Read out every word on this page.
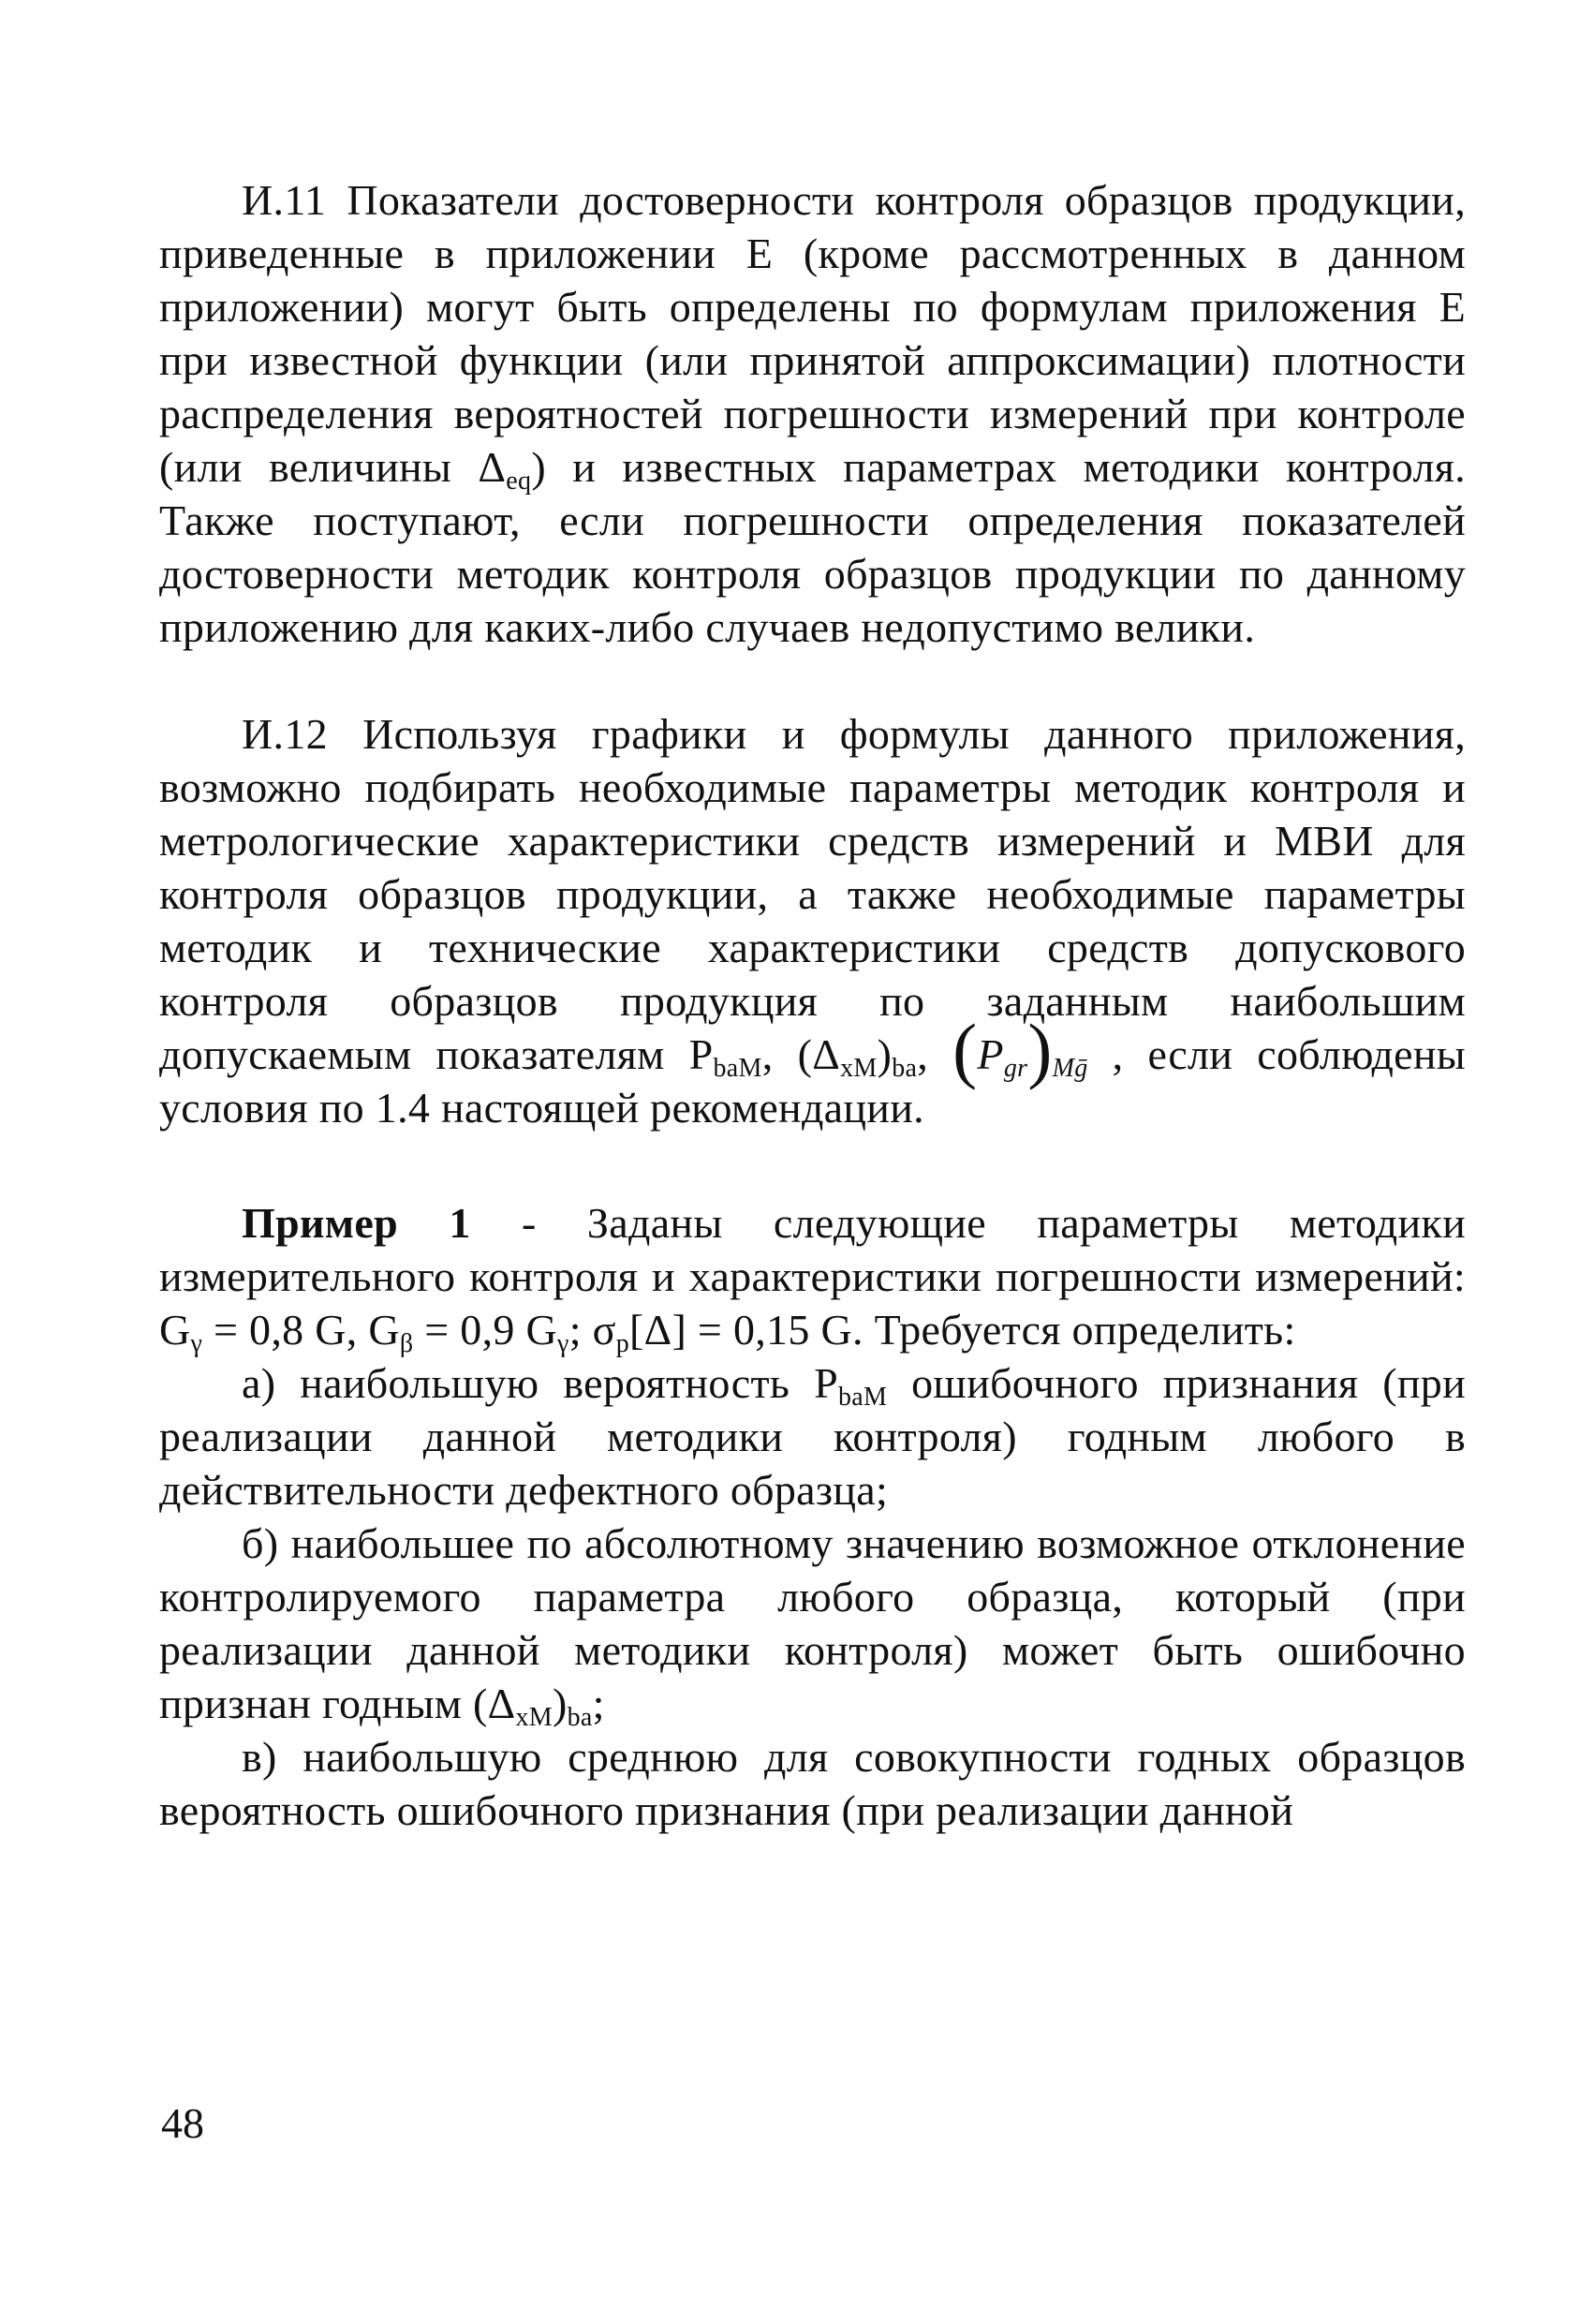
И.11 Показатели достоверности контроля образцов продукции, приведенные в приложении Е (кроме рассмотренных в данном приложении) могут быть определены по формулам приложения Е при известной функции (или принятой аппроксимации) плотности распределения вероятностей погрешности измерений при контроле (или величины $\Delta_{eq}$) и известных параметрах методики контроля. Также поступают, если погрешности определения показателей достоверности методик контроля образцов продукции по данному приложению для каких-либо случаев недопустимо велики.

И.12 Используя графики и формулы данного приложения, возможно подбирать необходимые параметры методик контроля и метрологические характеристики средств измерений и МВИ для контроля образцов продукции, а также необходимые параметры методик и технические характеристики средств допускового контроля образцов продукция по заданным наибольшим допускаемым показателям $P_{baM}$, $(\Delta_{xM})_{ba}$, $(P_{gr})_{Mḡ}$ , если соблюдены условия по 1.4 настоящей рекомендации.

Пример 1 - Заданы следующие параметры методики измерительного контроля и характеристики погрешности измерений: $G_\gamma = 0,8$ G, $G_\beta = 0,9$ $G_\gamma$; $\sigma_p[\Delta] = 0,15$ G. Требуется определить:

а) наибольшую вероятность $P_{baM}$ ошибочного признания (при реализации данной методики контроля) годным любого в действительности дефектного образца;

б) наибольшее по абсолютному значению возможное отклонение контролируемого параметра любого образца, который (при реализации данной методики контроля) может быть ошибочно признан годным $(\Delta_{xM})_{ba}$;

в) наибольшую среднюю для совокупности годных образцов вероятность ошибочного признания (при реализации данной

48
